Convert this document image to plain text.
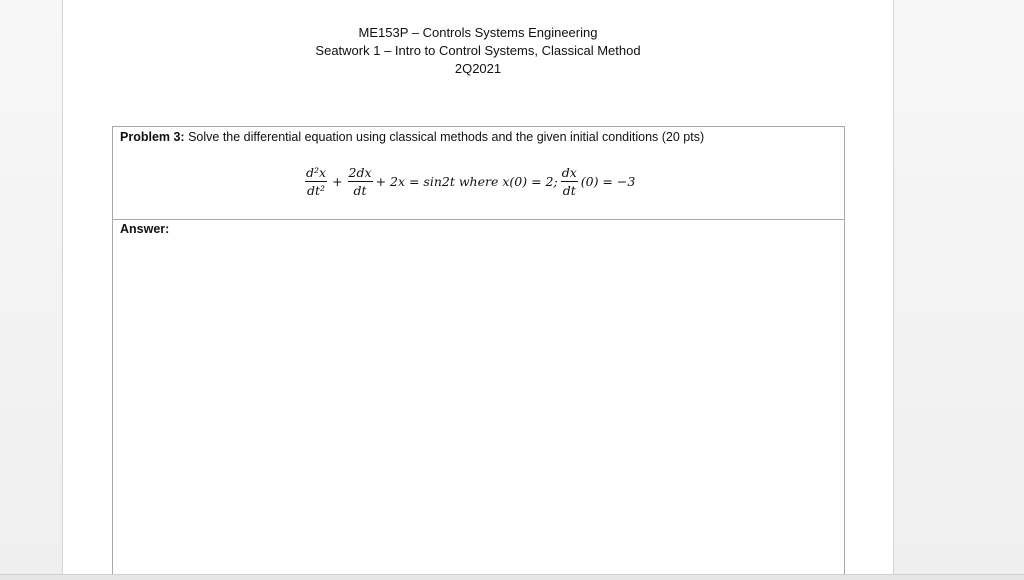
ME153P – Controls Systems Engineering
Seatwork 1 – Intro to Control Systems, Classical Method
2Q2021
Problem 3: Solve the differential equation using classical methods and the given initial conditions (20 pts)
$\frac{\text{d²x}}{\text{dt²}} + \frac{2dx}{dt} + 2x = \sin 2t$ where x(0) = 2; $\frac{dx}{dt} (0) = -3$
Answer:
